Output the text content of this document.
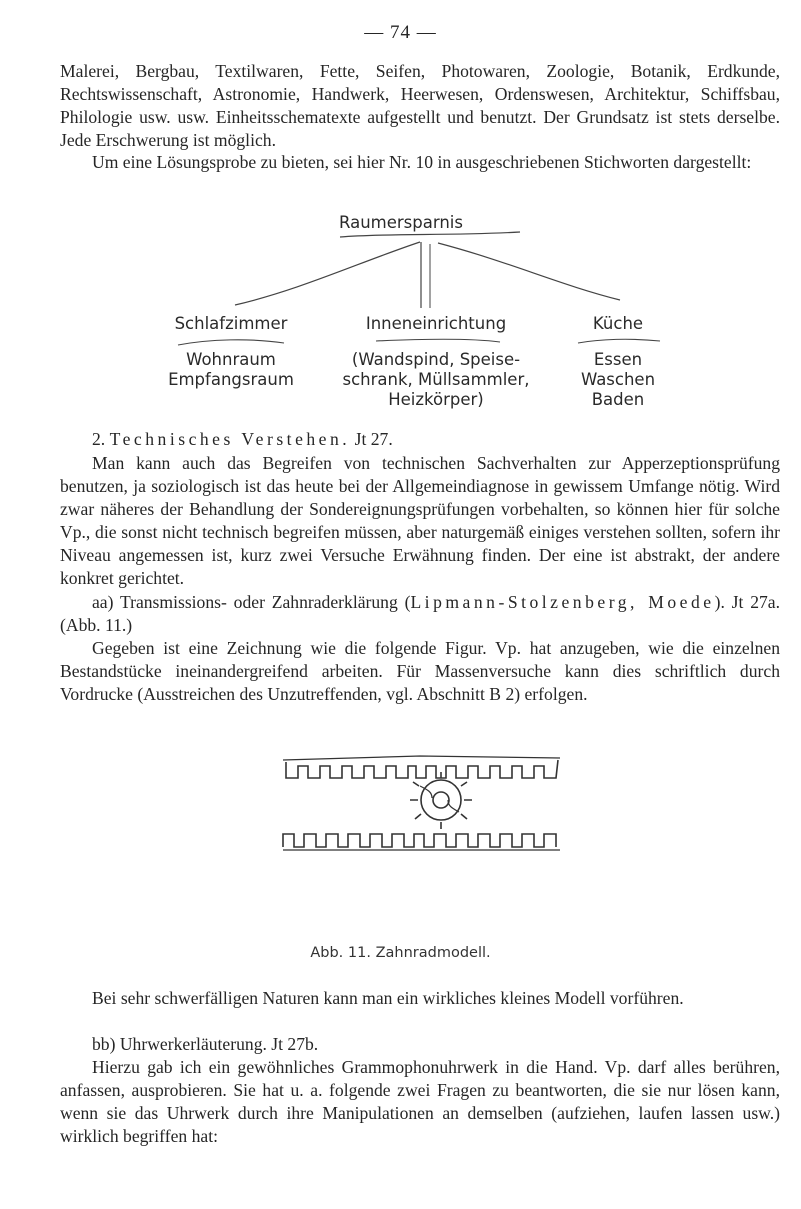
— 74 —

Malerei, Bergbau, Textilwaren, Fette, Seifen, Photowaren, Zoologie, Botanik, Erdkunde, Rechtswissenschaft, Astronomie, Handwerk, Heerwesen, Ordenswesen, Architektur, Schiffsbau, Philologie usw. usw. Einheitsschematexte aufgestellt und benutzt. Der Grundsatz ist stets derselbe. Jede Erschwerung ist möglich.

Um eine Lösungsprobe zu bieten, sei hier Nr. 10 in ausgeschriebenen Stichworten dargestellt:

Raumersparnis
Schlafzimmer
Wohnraum
Empfangsraum
Inneneinrichtung
(Wandspind, Speise-
schrank, Müllsammler,
Heizkörper)
Küche
Essen
Waschen
Baden

2. Technisches Verstehen. Jt 27.

Man kann auch das Begreifen von technischen Sachverhalten zur Apperzeptionsprüfung benutzen, ja soziologisch ist das heute bei der Allgemeindiagnose in gewissem Umfange nötig. Wird zwar näheres der Behandlung der Sondereignungsprüfungen vorbehalten, so können hier für solche Vp., die sonst nicht technisch begreifen müssen, aber naturgemäß einiges verstehen sollten, sofern ihr Niveau angemessen ist, kurz zwei Versuche Erwähnung finden. Der eine ist abstrakt, der andere konkret gerichtet.

aa) Transmissions- oder Zahnraderklärung (Lipmann-Stolzenberg, Moede). Jt 27a. (Abb. 11.)

Gegeben ist eine Zeichnung wie die folgende Figur. Vp. hat anzugeben, wie die einzelnen Bestandstücke ineinandergreifend arbeiten. Für Massenversuche kann dies schriftlich durch Vordrucke (Ausstreichen des Unzutreffenden, vgl. Abschnitt B 2) erfolgen.

Abb. 11. Zahnradmodell.

Bei sehr schwerfälligen Naturen kann man ein wirkliches kleines Modell vorführen.

bb) Uhrwerkerläuterung. Jt 27b.

Hierzu gab ich ein gewöhnliches Grammophonuhrwerk in die Hand. Vp. darf alles berühren, anfassen, ausprobieren. Sie hat u. a. folgende zwei Fragen zu beantworten, die sie nur lösen kann, wenn sie das Uhrwerk durch ihre Manipulationen an demselben (aufziehen, laufen lassen usw.) wirklich begriffen hat:
